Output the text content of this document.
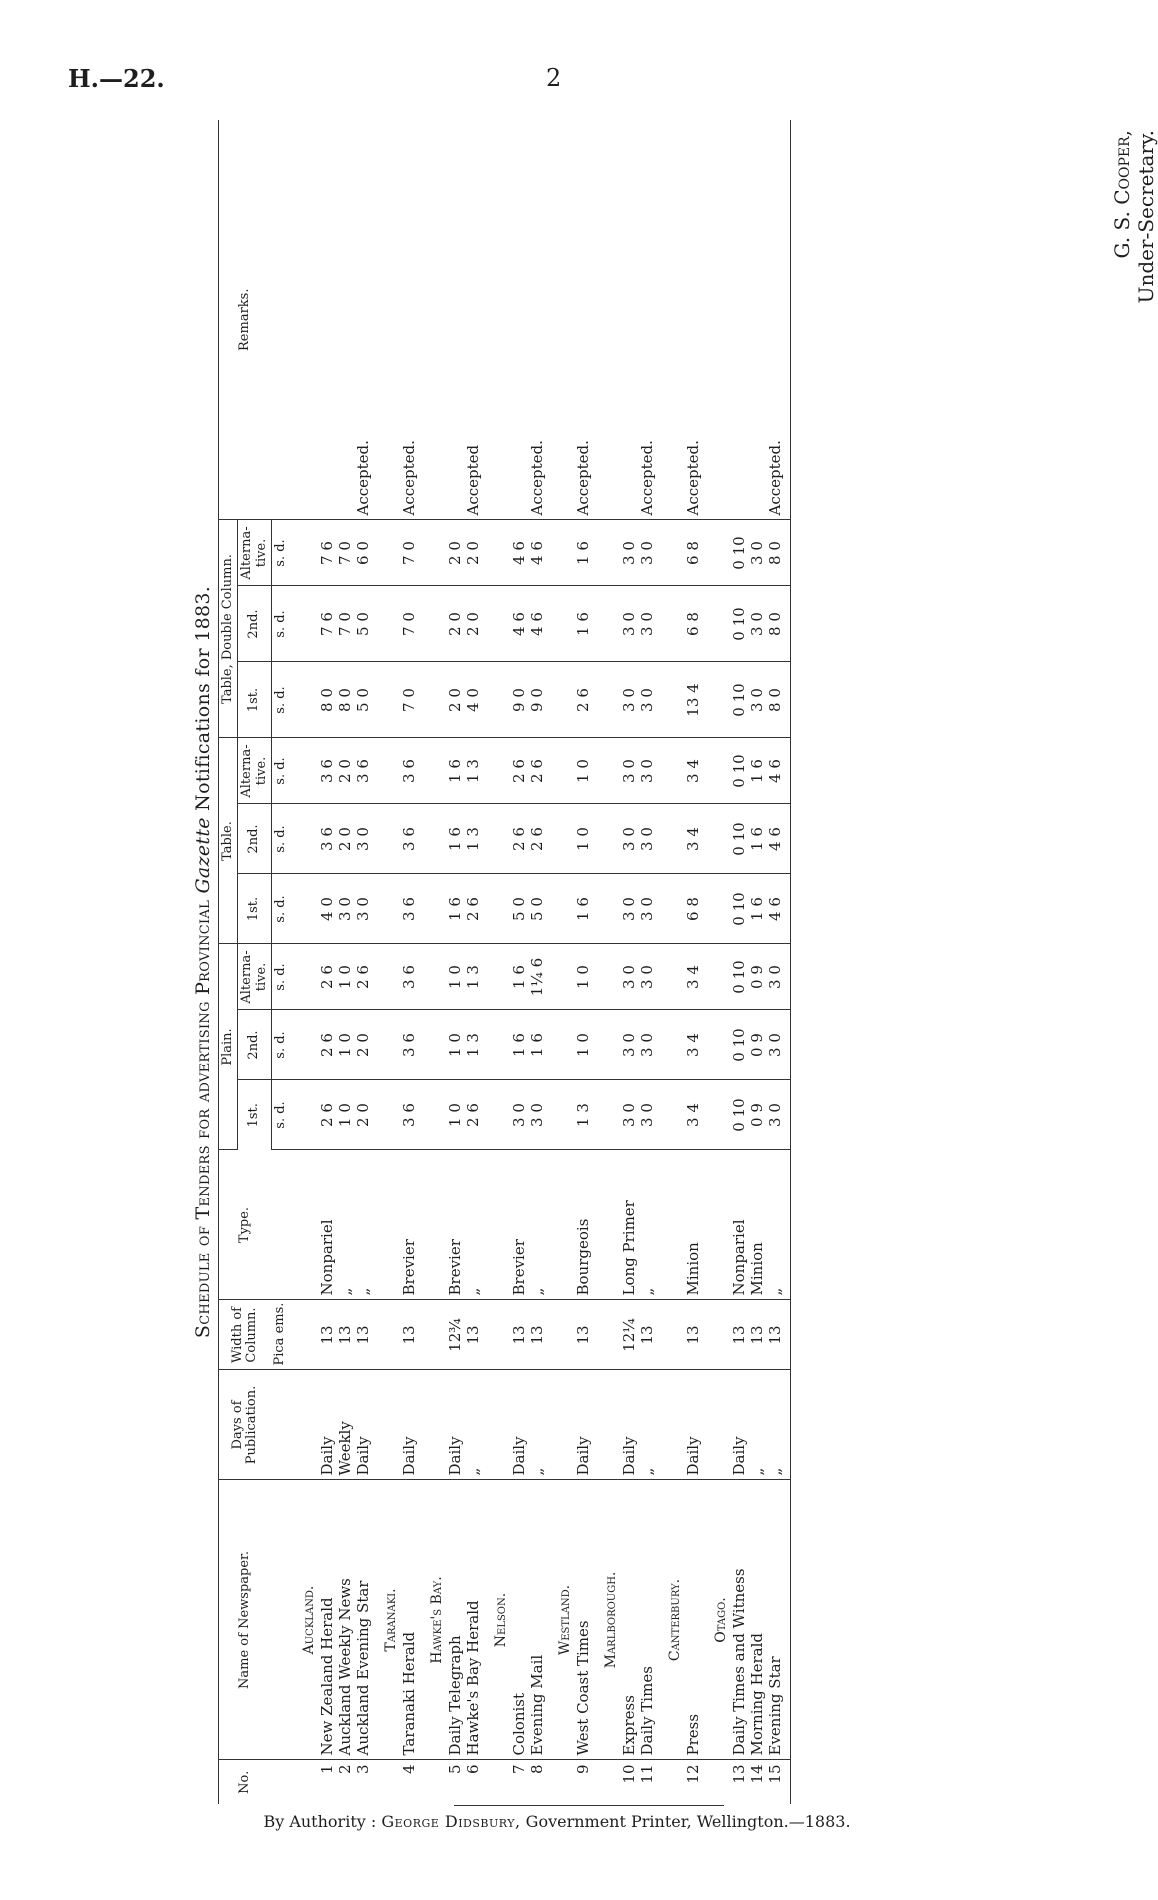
H.—22.	2
Schedule of Tenders for advertising Provincial Gazette Notifications for 1883.
No.	Name of Newspaper.	Days of Publication.	Width of Column.	Type.	Plain.			Table.			Table, Double Column.			Remarks.
					1st.	2nd.	Alterna-tive.	1st.	2nd.	Alterna-tive.	1st.	2nd.	Alterna-tive.	
			Pica ems.		s. d.	s. d.	s. d.	s. d.	s. d.	s. d.	s. d.	s. d.	s. d.	
	Auckland.													
1	New Zealand Herald	Daily	13	Nonpariel	2 6	2 6	2 6	4 0	3 6	3 6	8 0	7 6	7 6	
2	Auckland Weekly News	Weekly	13	„	1 0	1 0	1 0	3 0	2 0	2 0	8 0	7 0	7 0	
3	Auckland Evening Star	Daily	13	„	2 0	2 0	2 6	3 0	3 0	3 6	5 0	5 0	6 0	Accepted.
	Taranaki.													
4	Taranaki Herald	Daily	13	Brevier	3 6	3 6	3 6	3 6	3 6	3 6	7 0	7 0	7 0	Accepted.
	Hawke's Bay.													
5	Daily Telegraph	Daily	12¾	Brevier	1 0	1 0	1 0	1 6	1 6	1 6	2 0	2 0	2 0	
6	Hawke's Bay Herald	„	13	„	2 6	1 3	1 3	2 6	1 3	1 3	4 0	2 0	2 0	Accepted
	Nelson.													
7	Colonist	Daily	13	Brevier	3 0	1 6	1 6	5 0	2 6	2 6	9 0	4 6	4 6	
8	Evening Mail	„	13	„	3 0	1 6	1¼ 6	5 0	2 6	2 6	9 0	4 6	4 6	Accepted.
	Westland.													
9	West Coast Times	Daily	13	Bourgeois	1 3	1 0	1 0	1 6	1 0	1 0	2 6	1 6	1 6	Accepted.
	Marlborough.													
10	Express	Daily	12¼	Long Primer	3 0	3 0	3 0	3 0	3 0	3 0	3 0	3 0	3 0	
11	Daily Times	„	13	„	3 0	3 0	3 0	3 0	3 0	3 0	3 0	3 0	3 0	Accepted.
	Canterbury.													
12	Press	Daily	13	Minion	3 4	3 4	3 4	6 8	3 4	3 4	13 4	6 8	6 8	Accepted.
	Otago.													
13	Daily Times and Witness	Daily	13	Nonpariel	0 10	0 10	0 10	0 10	0 10	0 10	0 10	0 10	0 10	
14	Morning Herald	„	13	Minion	0 9	0 9	0 9	1 6	1 6	1 6	3 0	3 0	3 0	
15	Evening Star	„	13	„	3 0	3 0	3 0	4 6	4 6	4 6	8 0	8 0	8 0	Accepted.

G. S. Cooper, Under-Secretary.
By Authority : George Didsbury, Government Printer, Wellington.—1883.
